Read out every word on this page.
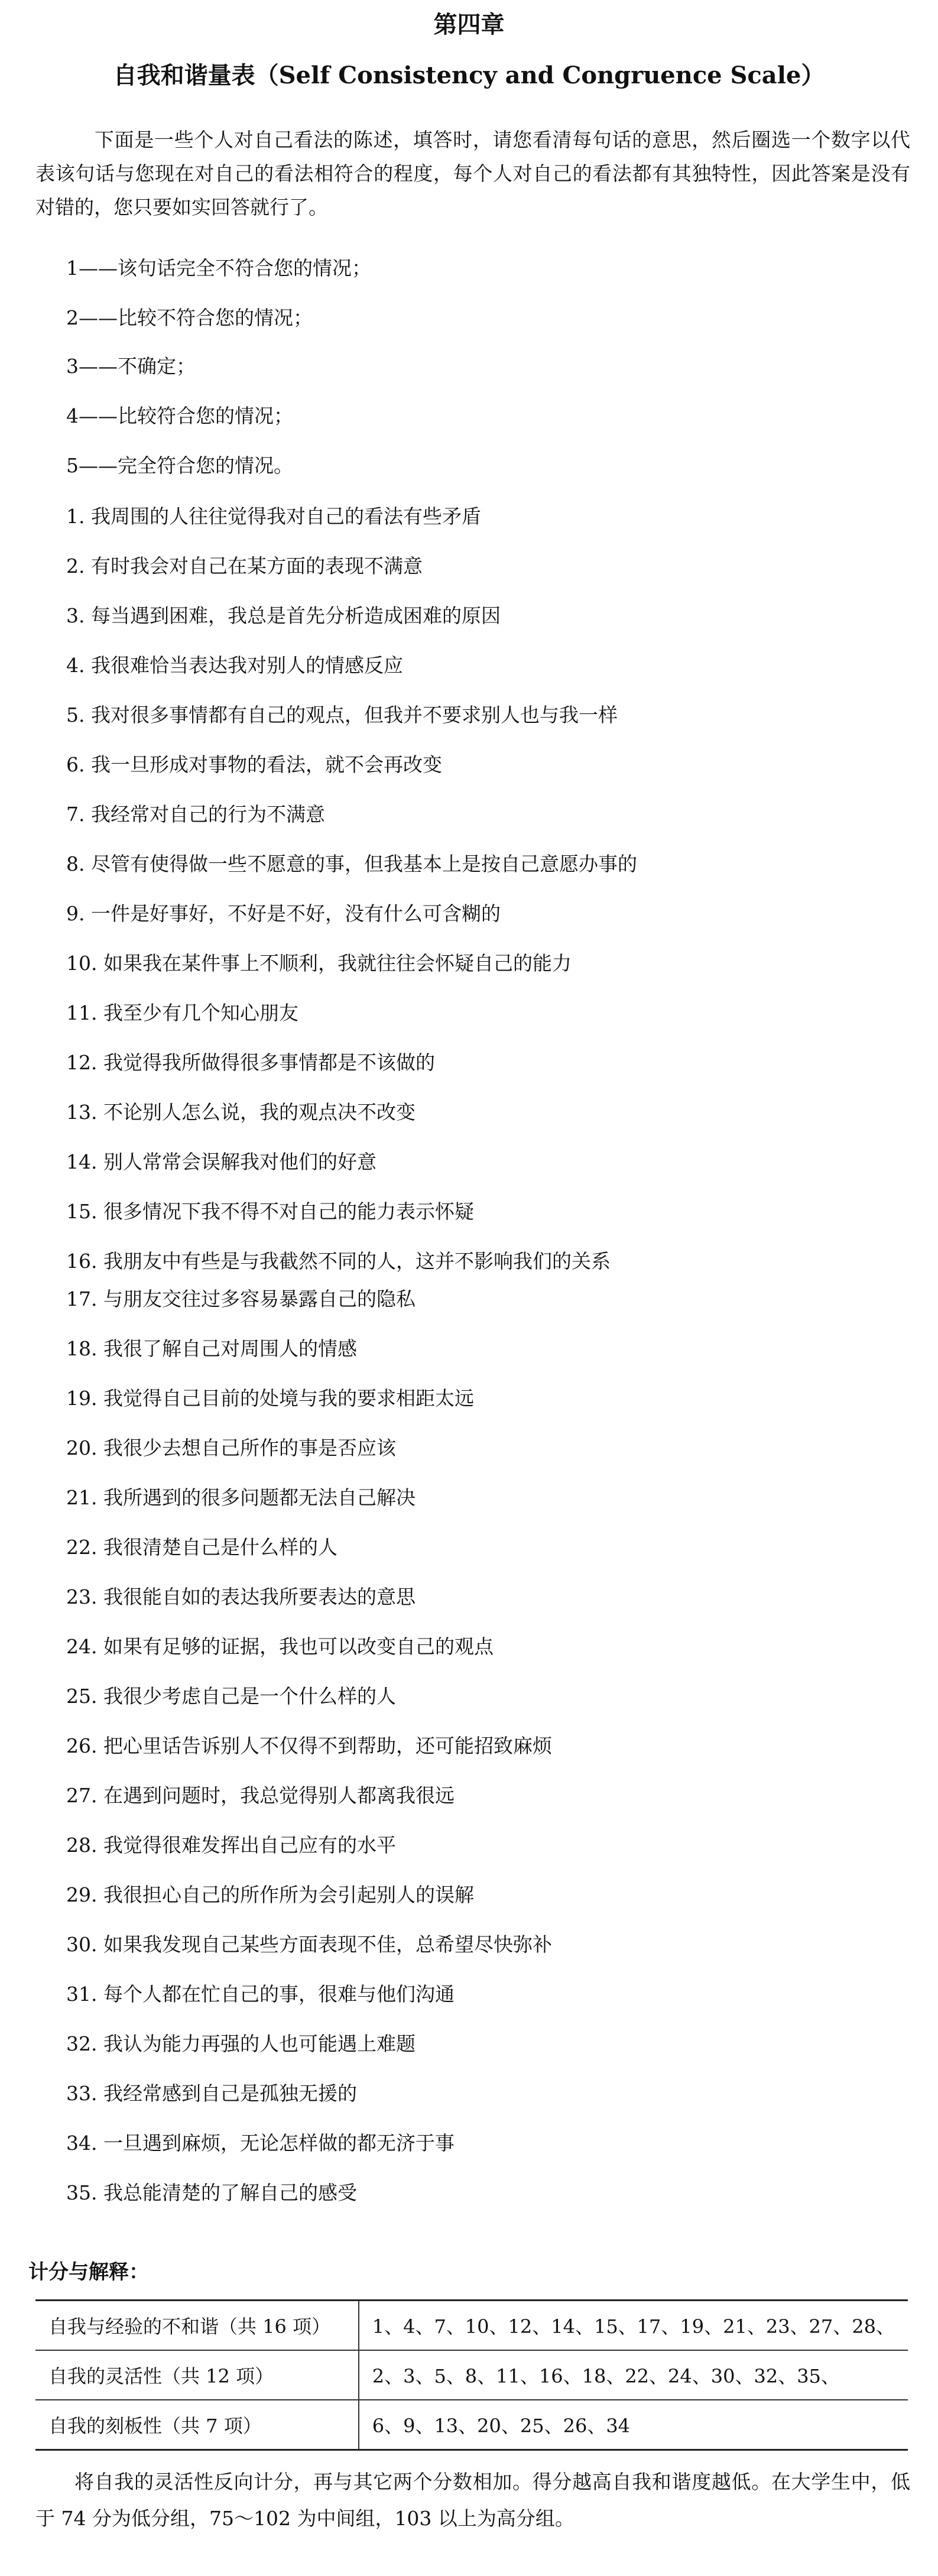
第四章
自我和谐量表（Self Consistency and Congruence Scale）

下面是一些个人对自己看法的陈述，填答时，请您看清每句话的意思，然后圈选一个数字以代表该句话与您现在对自己的看法相符合的程度，每个人对自己的看法都有其独特性，因此答案是没有对错的，您只要如实回答就行了。

1——该句话完全不符合您的情况；

2——比较不符合您的情况；

3——不确定；

4——比较符合您的情况；

5——完全符合您的情况。

1. 我周围的人往往觉得我对自己的看法有些矛盾

2. 有时我会对自己在某方面的表现不满意

3. 每当遇到困难，我总是首先分析造成困难的原因

4. 我很难恰当表达我对别人的情感反应

5. 我对很多事情都有自己的观点，但我并不要求别人也与我一样

6. 我一旦形成对事物的看法，就不会再改变

7. 我经常对自己的行为不满意

8. 尽管有使得做一些不愿意的事，但我基本上是按自己意愿办事的

9. 一件是好事好，不好是不好，没有什么可含糊的

10. 如果我在某件事上不顺利，我就往往会怀疑自己的能力

11. 我至少有几个知心朋友

12. 我觉得我所做得很多事情都是不该做的

13. 不论别人怎么说，我的观点决不改变

14. 别人常常会误解我对他们的好意

15. 很多情况下我不得不对自己的能力表示怀疑

16. 我朋友中有些是与我截然不同的人，这并不影响我们的关系

17. 与朋友交往过多容易暴露自己的隐私

18. 我很了解自己对周围人的情感

19. 我觉得自己目前的处境与我的要求相距太远

20. 我很少去想自己所作的事是否应该

21. 我所遇到的很多问题都无法自己解决

22. 我很清楚自己是什么样的人

23. 我很能自如的表达我所要表达的意思

24. 如果有足够的证据，我也可以改变自己的观点

25. 我很少考虑自己是一个什么样的人

26. 把心里话告诉别人不仅得不到帮助，还可能招致麻烦

27. 在遇到问题时，我总觉得别人都离我很远

28. 我觉得很难发挥出自己应有的水平

29. 我很担心自己的所作所为会引起别人的误解

30. 如果我发现自己某些方面表现不佳，总希望尽快弥补

31. 每个人都在忙自己的事，很难与他们沟通

32. 我认为能力再强的人也可能遇上难题

33. 我经常感到自己是孤独无援的

34. 一旦遇到麻烦，无论怎样做的都无济于事

35. 我总能清楚的了解自己的感受

计分与解释：
自我与经验的不和谐（共 16 项）	1、4、7、10、12、14、15、17、19、21、23、27、28、
自我的灵活性（共 12 项）	2、3、5、8、11、16、18、22、24、30、32、35、
自我的刻板性（共 7 项）	6、9、13、20、25、26、34

将自我的灵活性反向计分，再与其它两个分数相加。得分越高自我和谐度越低。在大学生中，低于 74 分为低分组，75～102 为中间组，103 以上为高分组。
